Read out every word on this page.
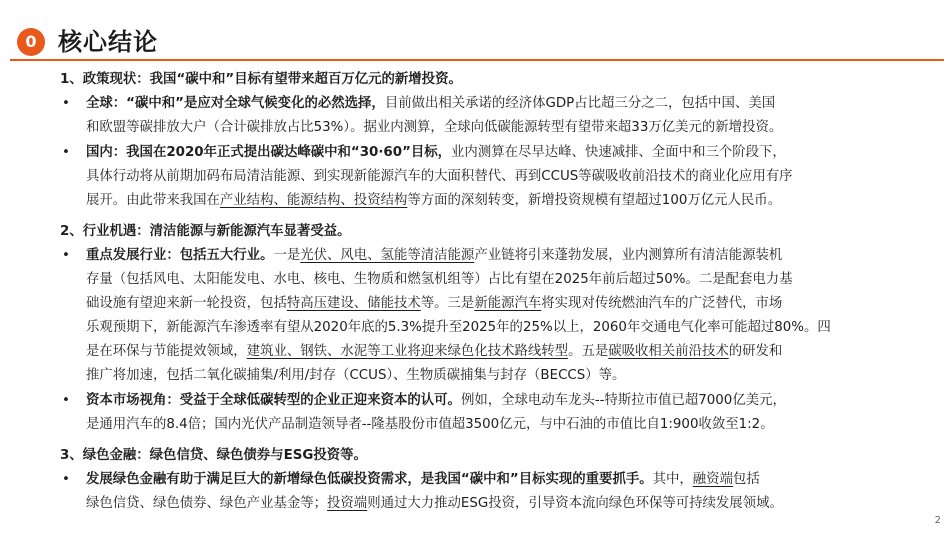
0 核心结论
1、政策现状：我国“碳中和”目标有望带来超百万亿元的新增投资。
• 全球：“碳中和”是应对全球气候变化的必然选择，目前做出相关承诺的经济体GDP占比超三分之二，包括中国、美国
和欧盟等碳排放大户（合计碳排放占比53%）。据业内测算，全球向低碳能源转型有望带来超33万亿美元的新增投资。
• 国内：我国在2020年正式提出碳达峰碳中和“30·60”目标，业内测算在尽早达峰、快速减排、全面中和三个阶段下，
具体行动将从前期加码布局清洁能源、到实现新能源汽车的大面积替代、再到CCUS等碳吸收前沿技术的商业化应用有序
展开。由此带来我国在产业结构、能源结构、投资结构等方面的深刻转变，新增投资规模有望超过100万亿元人民币。
2、行业机遇：清洁能源与新能源汽车显著受益。
• 重点发展行业：包括五大行业。一是光伏、风电、氢能等清洁能源产业链将引来蓬勃发展，业内测算所有清洁能源装机
存量（包括风电、太阳能发电、水电、核电、生物质和燃氢机组等）占比有望在2025年前后超过50%。二是配套电力基
础设施有望迎来新一轮投资，包括特高压建设、储能技术等。三是新能源汽车将实现对传统燃油汽车的广泛替代，市场
乐观预期下，新能源汽车渗透率有望从2020年底的5.3%提升至2025年的25%以上，2060年交通电气化率可能超过80%。四
是在环保与节能提效领域，建筑业、钢铁、水泥等工业将迎来绿色化技术路线转型。五是碳吸收相关前沿技术的研发和
推广将加速，包括二氧化碳捕集/利用/封存（CCUS）、生物质碳捕集与封存（BECCS）等。
• 资本市场视角：受益于全球低碳转型的企业正迎来资本的认可。例如，全球电动车龙头--特斯拉市值已超7000亿美元，
是通用汽车的8.4倍；国内光伏产品制造领导者--隆基股份市值超3500亿元，与中石油的市值比自1:900收敛至1:2。
3、绿色金融：绿色信贷、绿色债券与ESG投资等。
• 发展绿色金融有助于满足巨大的新增绿色低碳投资需求，是我国“碳中和”目标实现的重要抓手。其中，融资端包括
绿色信贷、绿色债券、绿色产业基金等；投资端则通过大力推动ESG投资，引导资本流向绿色环保等可持续发展领域。
2
